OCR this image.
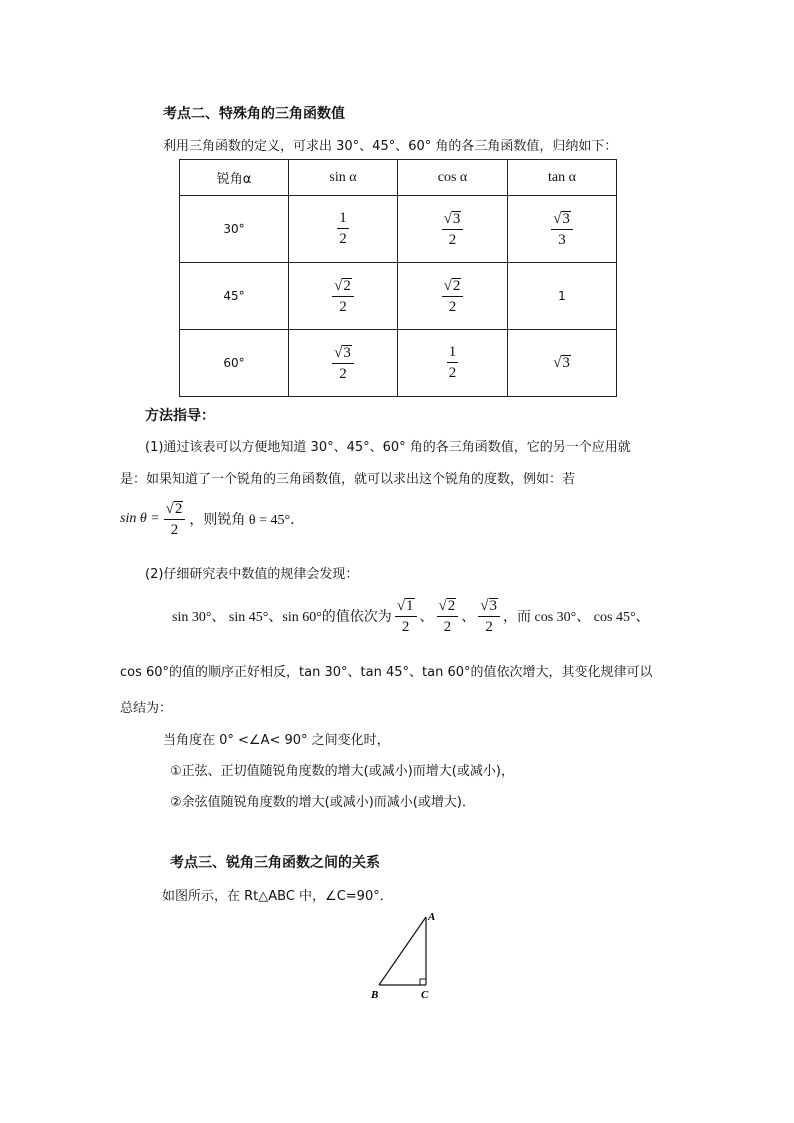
考点二、特殊角的三角函数值
利用三角函数的定义，可求出 30°、45°、60° 角的各三角函数值，归纳如下：
锐角α	sin α	cos α	tan α
30°	$\frac{1}{2}$	$\frac{√ 3}{2}$	$\frac{√ 3}{3}$

45°	$\frac{√ 2}{2}$	$\frac{√ 2}{2}$	1
60°	$\frac{√ 3}{2}$	$\frac{1}{2}$	√ 3
方法指导：
(1)通过该表可以方便地知道 30°、45°、60° 角的各三角函数值，它的另一个应用就
是：如果知道了一个锐角的三角函数值，就可以求出这个锐角的度数，例如：若
$\sin \theta = \frac{√ 2}{2}$ ，则锐角 θ = 45°．
(2)仔细研究表中数值的规律会发现：
sin 30°、 sin 45°、sin 60°的值依次为 $\frac{√ 1}{2}$ 、 $\frac{√ 2}{2}$ 、 $\frac{√ 3}{2}$ ，而 cos 30°、 cos 45°、
cos 60°的值的顺序正好相反，tan 30°、tan 45°、tan 60°的值依次增大，其变化规律可以
总结为：
当角度在 0° <∠A< 90° 之间变化时，
①正弦、正切值随锐角度数的增大(或减小)而增大(或减小)，
②余弦值随锐角度数的增大(或减小)而减小(或增大)．
考点三、锐角三角函数之间的关系
如图所示，在 Rt△ABC 中，∠C=90°．
A
B	C
